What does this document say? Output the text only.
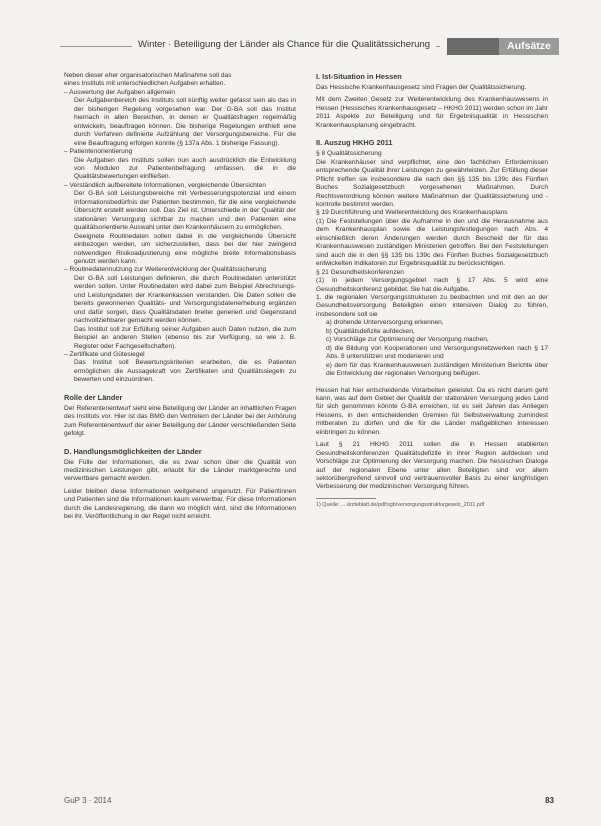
Winter · Beteiligung der Länder als Chance für die Qualitätssicherung	Aufsätze

Neben dieser eher organisatorischen Maßnahme soll das

eines Instituts mit unterschiedlichen Aufgaben erhalten.

– Auswertung der Aufgaben allgemein

Der Aufgabenbereich des Instituts soll künftig weiter gefasst sein als das in der bisherigen Regelung vorgesehen war. Der G-BA soll das Institut hiernach in allen Bereichen, in denen er Qualitätsfragen regelmäßig entwickeln, beauftragen können. Die bisherige Regelungen enthielt eine durch Verfahren definierte Aufzählung der Versorgungsbereiche. Für die eine Beauftragung erfolgen konnte (§ 137a Abs. 1 bisherige Fassung).

– Patientenorientierung

Die Aufgaben des Instituts sollen nun auch ausdrücklich die Entwicklung von Modulen zur Patientenbefragung umfassen, die in die Qualitätsbewertungen einfließen.

– Verständlich aufbereitete Informationen, vergleichende Übersichten

Der G-BA soll Leistungsbereiche mit Verbesserungspotenzial und einem Informationsbedürfnis der Patienten bestimmen, für die eine vergleichende Übersicht erstellt werden soll. Das Ziel ist, Unterschiede in der Qualität der stationären Versorgung sichtbar zu machen und den Patienten eine qualitätsorientierte Auswahl unter den Krankenhäusern zu ermöglichen.

Geeignete Routinedaten sollen dabei in die vergleichende Übersicht einbezogen werden, um sicherzustellen, dass bei der hier zwingend notwendigen Risikoadjustierung eine mögliche breite Informationsbasis genutzt werden kann.

– Routinedatennutzung zur Weiterentwicklung der Qualitätssicherung

Der G-BA soll Leistungen definieren, die durch Routinedaten unterstützt werden sollen. Unter Routinedaten wird dabei zum Beispiel Abrechnungs- und Leistungsdaten der Krankenkassen verstanden. Die Daten sollen die bereits gewonnenen Qualitäts- und Versorgungsdatenerhebung ergänzen und dafür sorgen, dass Qualitätsdaten breiter generiert und Gegenstand nachvollziehbarer gemacht werden können.

Das Institut soll zur Erfüllung seiner Aufgaben auch Daten nutzen, die zum Beispiel an anderen Stellen (ebenso bis zur Verfügung, so wie z. B. Register oder Fachgesellschaften).

– Zertifikate und Gütesiegel

Das Institut soll Bewertungskriterien erarbeiten, die es Patienten ermöglichen die Aussagekraft von Zertifikaten und Qualitätssiegeln zu bewerten und einzuordnen.

Rolle der Länder

Der Referentenentwurf sieht eine Beteiligung der Länder an inhaltlichen Fragen des Instituts vor. Hier ist das BMG den Vertretern der Länder bei der Anhörung zum Referentenentwurf der einer Beteiligung der Länder verschließenden Seite gefolgt.

D. Handlungsmöglichkeiten der Länder

Die Fülle der Informationen, die es zwar schon über die Qualität von medizinischen Leistungen gibt, erlaubt für die Länder marktgerechte und verwertbare gemacht werden.

Leider bleiben diese Informationen weitgehend ungenutzt. Für Patientinnen und Patienten sind die Informationen kaum verwertbar. Für diese Informationen durch die Landesregierung, die dann wo möglich wird, sind die Informationen bei ihr. Veröffentlichung in der Regel nicht erreicht.

I. Ist-Situation in Hessen

Das Hessische Krankenhausgesetz sind Fragen der Qualitätssicherung.

Mit dem Zweiten Gesetz zur Weiterentwicklung des Krankenhauswesens in Hessen (Hessisches Krankenhausgesetz – HKHG 2011) werden schon im Jahr 2011 Aspekte zur Beteiligung und für Ergebnisqualität in Hessischen Krankenhausplanung eingebracht.

II. Auszug HKHG 2011

§ 8 Qualitätssicherung

Die Krankenhäuser sind verpflichtet, eine den fachlichen Erfordernissen entsprechende Qualität ihrer Leistungen zu gewährleisten. Zur Erfüllung dieser Pflicht treffen sie insbesondere die nach den §§ 135 bis 139c des Fünften Buches Sozialgesetzbuch vorgesehenen Maßnahmen. Durch Rechtsverordnung können weitere Maßnahmen der Qualitätssicherung und -kontrolle bestimmt werden.

§ 19 Durchführung und Weiterentwicklung des Krankenhausplans

(1) Die Feststellungen über die Aufnahme in den und die Herausnahme aus dem Krankenhausplan sowie die Leistungsfestlegungen nach Abs. 4 einschließlich deren Änderungen werden durch Bescheid der für das Krankenhauswesen zuständigen Ministerien getroffen. Bei den Feststellungen sind auch die in den §§ 135 bis 139c des Fünften Buches Sozialgesetzbuch entwickelten Indikatoren zur Ergebnisqualität zu berücksichtigen.

§ 21 Gesundheitskonferenzen

(1) In jedem Versorgungsgebiet nach § 17 Abs. 5 wird eine Gesundheitskonferenz gebildet. Sie hat die Aufgabe,

1. die regionalen Versorgungsstrukturen zu beobachten und mit den an der Gesundheitsversorgung Beteiligten einen intensiven Dialog zu führen, insbesondere soll sie

a) drohende Unterversorgung erkennen,

b) Qualitätsdefizite aufdecken,

c) Vorschläge zur Optimierung der Versorgung machen,

d) die Bildung von Kooperationen und Versorgungsnetzwerken nach § 17 Abs. 8 unterstützen und moderieren und

e) dem für das Krankenhauswesen zuständigen Ministerium Berichte über die Entwicklung der regionalen Versorgung beifügen.

Hessen hat hier entscheidende Vorarbeiten geleistet. Da es nicht darum geht kann, was auf dem Gebiet der Qualität der stationären Versorgung jedes Land für sich genommen könnte G-BA erreichen, ist es seit Jahren das Anliegen Hessens, in den entscheidenden Gremien für Selbstverwaltung zumindest mitberaten zu dürfen und die für die Länder maßgeblichen Interessen einbringen zu können.

Laut § 21 HKHG 2011 sollen die in Hessen etablierten Gesundheitskonferenzen Qualitätsdefizite in ihrer Region aufdecken und Vorschläge zur Optimierung der Versorgung machen. Die hessischen Dialoge auf der regionalen Ebene unter allen Beteiligten sind vor allem sektorübergreifend sinnvoll und vertrauensvoller Basis zu einer langfristigen Verbesserung der medizinischen Versorgung führen.

1) Quelle: ... ärzteblatt.de/pdf/sgb/versorgungsstrukturgesetz_2011.pdf

GuP 3 · 2014	83
